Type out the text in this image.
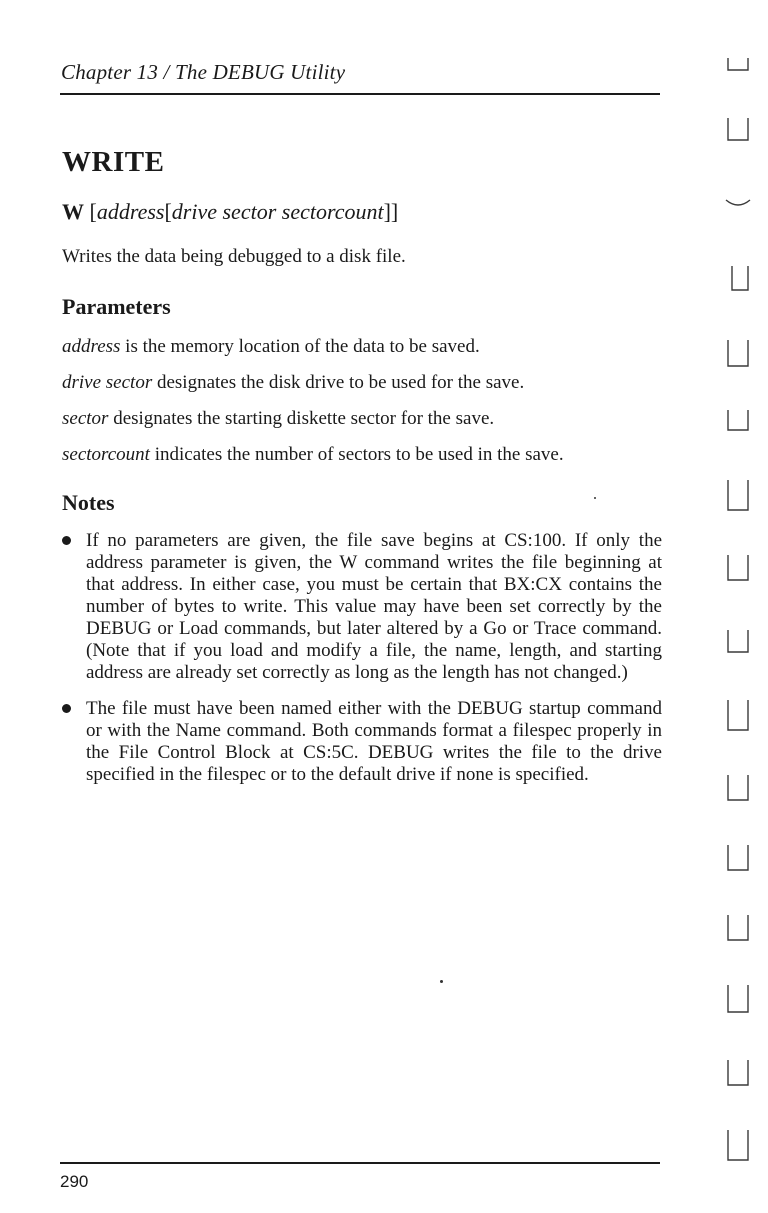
Chapter 13 / The DEBUG Utility
WRITE

W [address[drive sector sectorcount]]

Writes the data being debugged to a disk file.

Parameters

address is the memory location of the data to be saved.

drive sector designates the disk drive to be used for the save.

sector designates the starting diskette sector for the save.

sectorcount indicates the number of sectors to be used in the save.

Notes
If no parameters are given, the file save begins at CS:100. If only the address parameter is given, the W command writes the file beginning at that address. In either case, you must be certain that BX:CX contains the number of bytes to write. This value may have been set correctly by the DEBUG or Load commands, but later altered by a Go or Trace command. (Note that if you load and modify a file, the name, length, and starting address are already set correctly as long as the length has not changed.)
The file must have been named either with the DEBUG startup command or with the Name command. Both commands format a filespec properly in the File Control Block at CS:5C. DEBUG writes the file to the drive specified in the filespec or to the default drive if none is specified.
290
